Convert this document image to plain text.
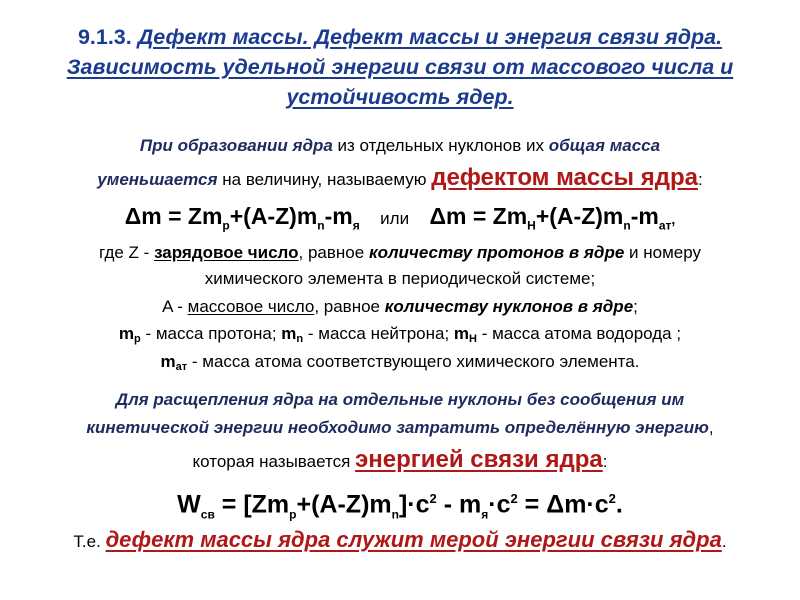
9.1.3. Дефект массы. Дефект массы и энергия связи ядра. Зависимость удельной энергии связи от массового числа и устойчивость ядер.
При образовании ядра из отдельных нуклонов их общая масса
уменьшается на величину, называемую дефектом массы ядра:
$\Delta m = Zm_p+(A-Z)m_n-m_я$ или $\Delta m = Zm_H+(A-Z)m_n-m_{ат}$,
где Z - зарядовое число, равное количеству протонов в ядре и номеру
химического элемента в периодической системе;
A - массовое число, равное количеству нуклонов в ядре;
mр - масса протона; mn - масса нейтрона; mH - масса атома водорода ;
mат - масса атома соответствующего химического элемента.
Для расщепления ядра на отдельные нуклоны без сообщения им
кинетической энергии необходимо затратить определённую энергию,
которая называется энергией связи ядра:
$W_{св} = [Zm_р+(A-Z)m_n]\cdot c^2 - m_я\cdot c^2 = \Delta m\cdot c^2$.
Т.е. дефект массы ядра служит мерой энергии связи ядра.
